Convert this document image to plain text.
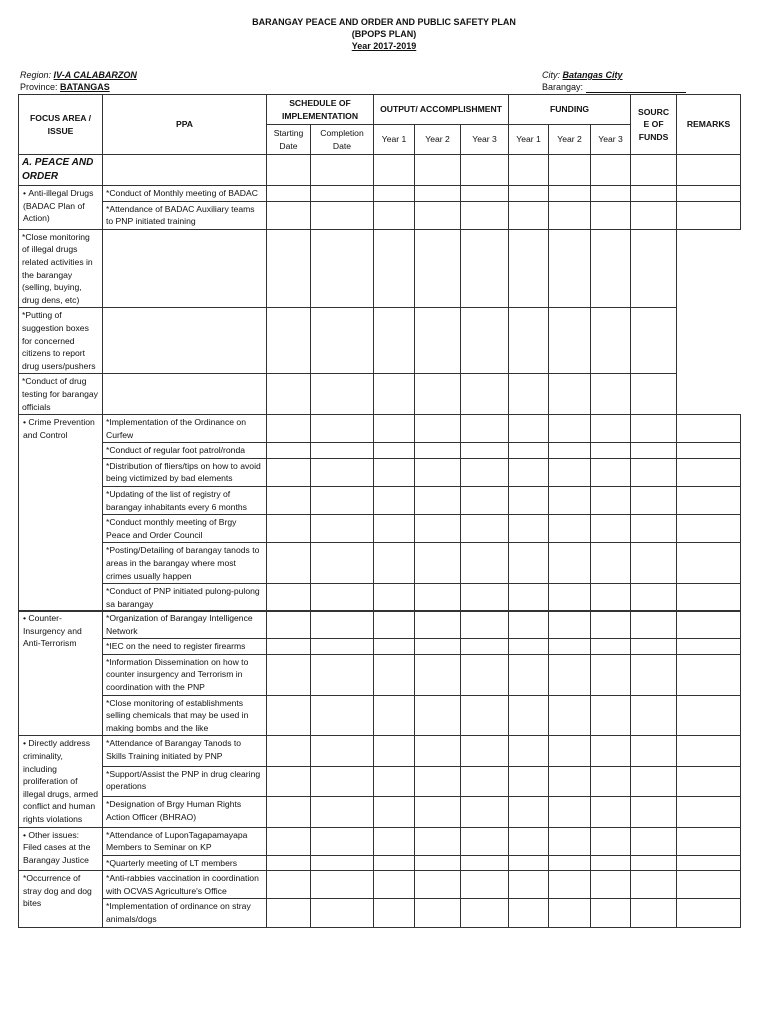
BARANGAY PEACE AND ORDER AND PUBLIC SAFETY PLAN
(BPOPS PLAN)
Year 2017-2019
Region: IV-A CALABARZON
Province: BATANGAS
City: Batangas City
Barangay:
FOCUS AREA / ISSUE	PPA	SCHEDULE OF IMPLEMENTATION		OUTPUT/ ACCOMPLISHMENT			FUNDING			SOURC E OF FUNDS	REMARKS
		Starting Date	Completion Date	Year 1	Year 2	Year 3	Year 1	Year 2	Year 3		
A. PEACE AND ORDER											
• Anti-illegal Drugs (BADAC Plan of Action)	*Conduct of Monthly meeting of BADAC										
	*Attendance of BADAC Auxiliary teams to PNP initiated training										
*Close monitoring of illegal drugs related activities in the barangay (selling, buying, drug dens, etc)											
*Putting of suggestion boxes for concerned citizens to report drug users/pushers											
*Conduct of drug testing for barangay officials											
• Crime Prevention and Control	*Implementation of the Ordinance on Curfew										
	*Conduct of regular foot patrol/ronda										
	*Distribution of fliers/tips on how to avoid being victimized by bad elements										
	*Updating of the list of registry of barangay inhabitants every 6 months										
	*Conduct monthly meeting of Brgy Peace and Order Council										
	*Posting/Detailing of barangay tanods to areas in the barangay where most crimes usually happen										
	*Conduct of PNP initiated pulong-pulong sa barangay										
• Counter-Insurgency and Anti-Terrorism	*Organization of Barangay Intelligence Network										
	*IEC on the need to register firearms										
	*Information Dissemination on how to counter insurgency and Terrorism in coordination with the PNP										
	*Close monitoring of establishments selling chemicals that may be used in making bombs and the like										
• Directly address criminality, including proliferation of illegal drugs, armed conflict and human rights violations	*Attendance of Barangay Tanods to Skills Training initiated by PNP										
	*Support/Assist the PNP in drug clearing operations										
	*Designation of Brgy Human Rights Action Officer (BHRAO)										
• Other issues: Filed cases at the Barangay Justice	*Attendance of LuponTagapamayapa Members to Seminar on KP										
	*Quarterly meeting of LT members										
*Occurrence of stray dog and dog bites	*Anti-rabbies vaccination in coordination with OCVAS Agriculture's Office										
	*Implementation of ordinance on stray animals/dogs										
